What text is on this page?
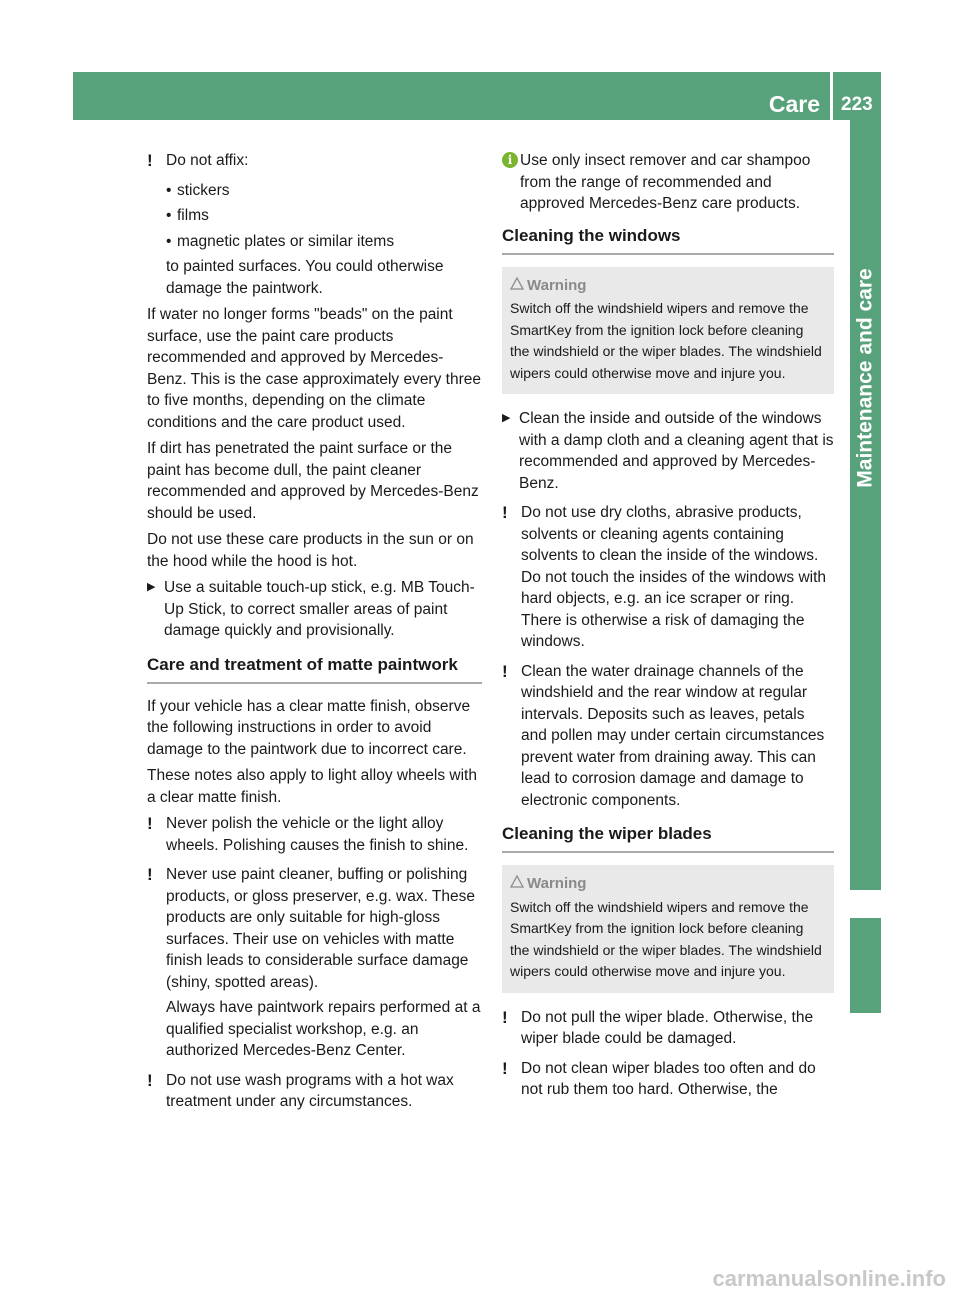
Care 223
Maintenance and care
! Do not affix:
• stickers
• films
• magnetic plates or similar items
to painted surfaces. You could otherwise damage the paintwork.

If water no longer forms "beads" on the paint surface, use the paint care products recommended and approved by Mercedes-Benz. This is the case approximately every three to five months, depending on the climate conditions and the care product used.

If dirt has penetrated the paint surface or the paint has become dull, the paint cleaner recommended and approved by Mercedes-Benz should be used.

Do not use these care products in the sun or on the hood while the hood is hot.

▶ Use a suitable touch-up stick, e.g. MB Touch-Up Stick, to correct smaller areas of paint damage quickly and provisionally.
Care and treatment of matte paintwork

If your vehicle has a clear matte finish, observe the following instructions in order to avoid damage to the paintwork due to incorrect care.

These notes also apply to light alloy wheels with a clear matte finish.

! Never polish the vehicle or the light alloy wheels. Polishing causes the finish to shine.
! Never use paint cleaner, buffing or polishing products, or gloss preserver, e.g. wax. These products are only suitable for high-gloss surfaces. Their use on vehicles with matte finish leads to considerable surface damage (shiny, spotted areas).
Always have paintwork repairs performed at a qualified specialist workshop, e.g. an authorized Mercedes-Benz Center.
! Do not use wash programs with a hot wax treatment under any circumstances.
i Use only insect remover and car shampoo from the range of recommended and approved Mercedes-Benz care products.
Cleaning the windows
Warning
Switch off the windshield wipers and remove the SmartKey from the ignition lock before cleaning the windshield or the wiper blades. The windshield wipers could otherwise move and injure you.
▶ Clean the inside and outside of the windows with a damp cloth and a cleaning agent that is recommended and approved by Mercedes-Benz.
! Do not use dry cloths, abrasive products, solvents or cleaning agents containing solvents to clean the inside of the windows. Do not touch the insides of the windows with hard objects, e.g. an ice scraper or ring. There is otherwise a risk of damaging the windows.
! Clean the water drainage channels of the windshield and the rear window at regular intervals. Deposits such as leaves, petals and pollen may under certain circumstances prevent water from draining away. This can lead to corrosion damage and damage to electronic components.
Cleaning the wiper blades
Warning
Switch off the windshield wipers and remove the SmartKey from the ignition lock before cleaning the windshield or the wiper blades. The windshield wipers could otherwise move and injure you.
! Do not pull the wiper blade. Otherwise, the wiper blade could be damaged.
! Do not clean wiper blades too often and do not rub them too hard. Otherwise, the
carmanualsonline.info
